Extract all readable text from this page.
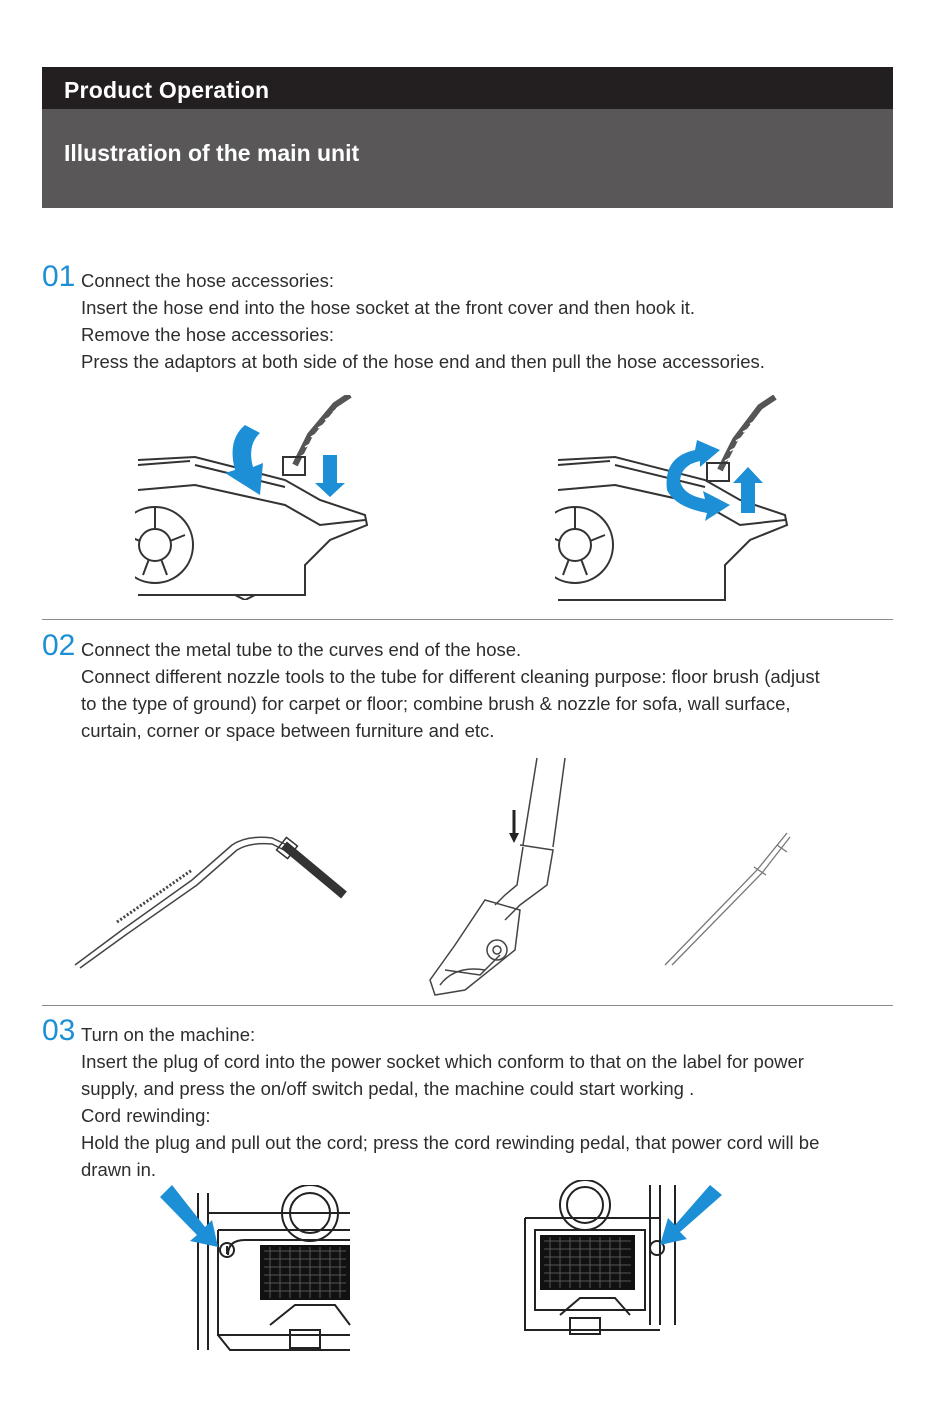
Product Operation
Illustration of the main unit
01 Connect the hose accessories:
Insert the hose end into the hose socket at the front cover and then hook it.
Remove the hose accessories:
Press the adaptors at both side of the hose end and then pull the hose accessories.
02 Connect the metal tube to the curves end of the hose.
Connect different nozzle tools to the tube for different cleaning purpose: floor brush (adjust
to the type of ground) for carpet or floor; combine brush & nozzle for sofa, wall surface,
curtain, corner or space between furniture and etc.
03 Turn on the machine:
Insert the plug of cord into the power socket which conform to that on the label for power
supply, and press the on/off switch pedal, the machine could start working .
Cord rewinding:
Hold the plug and pull out the cord; press the cord rewinding pedal, that power cord will be
drawn in.
